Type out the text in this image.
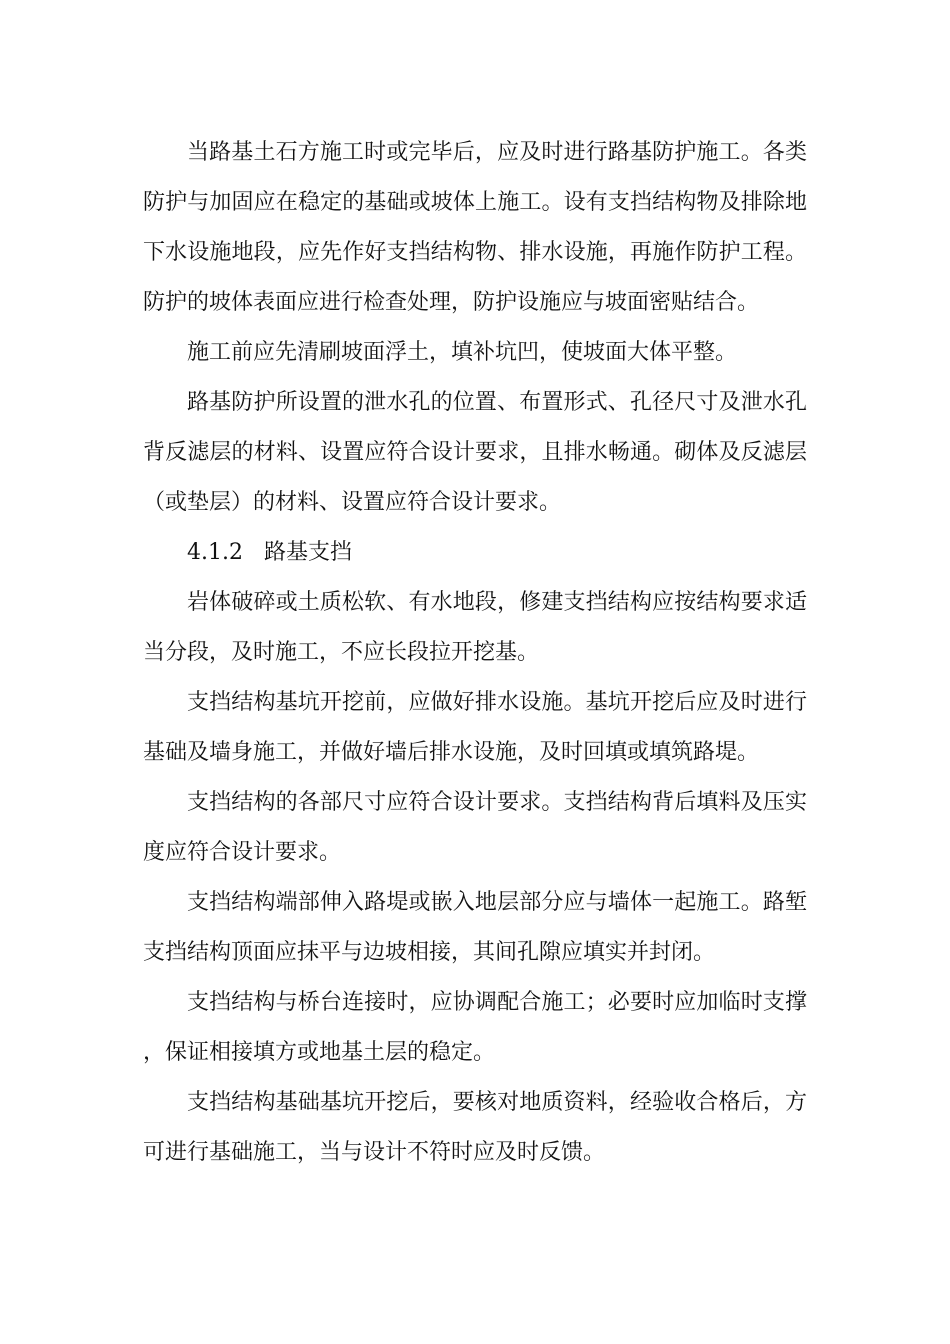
当路基土石方施工时或完毕后，应及时进行路基防护施工。各类防护与加固应在稳定的基础或坡体上施工。设有支挡结构物及排除地下水设施地段，应先作好支挡结构物、排水设施，再施作防护工程。防护的坡体表面应进行检查处理，防护设施应与坡面密贴结合。

施工前应先清刷坡面浮土，填补坑凹，使坡面大体平整。

路基防护所设置的泄水孔的位置、布置形式、孔径尺寸及泄水孔背反滤层的材料、设置应符合设计要求，且排水畅通。砌体及反滤层（或垫层）的材料、设置应符合设计要求。

4.1.2 路基支挡

岩体破碎或土质松软、有水地段，修建支挡结构应按结构要求适当分段，及时施工，不应长段拉开挖基。

支挡结构基坑开挖前，应做好排水设施。基坑开挖后应及时进行基础及墙身施工，并做好墙后排水设施，及时回填或填筑路堤。

支挡结构的各部尺寸应符合设计要求。支挡结构背后填料及压实度应符合设计要求。

支挡结构端部伸入路堤或嵌入地层部分应与墙体一起施工。路堑支挡结构顶面应抹平与边坡相接，其间孔隙应填实并封闭。

支挡结构与桥台连接时，应协调配合施工；必要时应加临时支撑，保证相接填方或地基土层的稳定。

支挡结构基础基坑开挖后，要核对地质资料，经验收合格后，方可进行基础施工，当与设计不符时应及时反馈。
